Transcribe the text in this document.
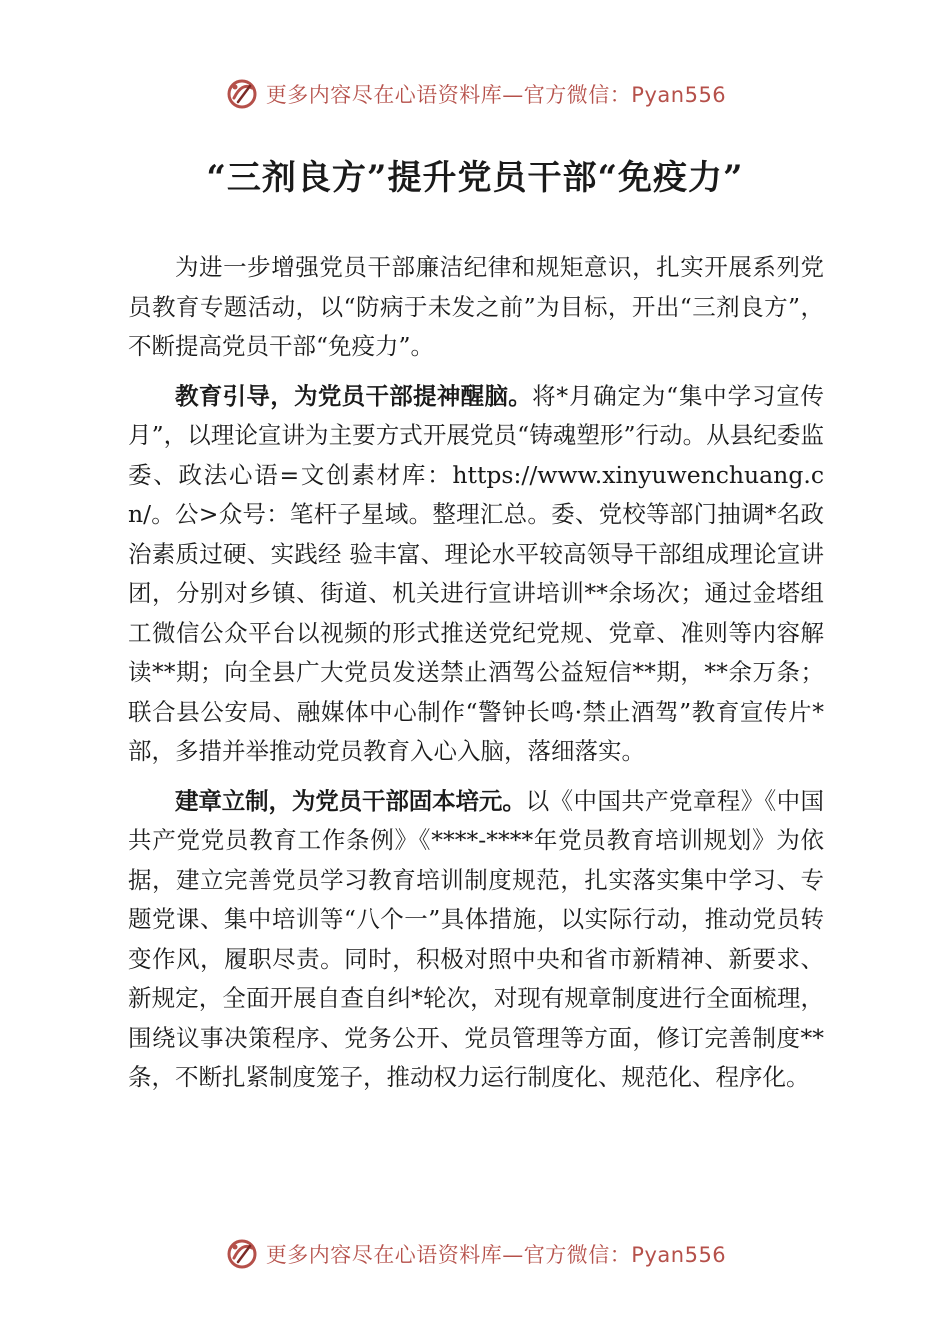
更多内容尽在心语资料库—官方微信：Pyan556
“三剂良方”提升党员干部“免疫力”

为进一步增强党员干部廉洁纪律和规矩意识，扎实开展系列党员教育专题活动，以“防病于未发之前”为目标，开出“三剂良方”，不断提高党员干部“免疫力”。

教育引导，为党员干部提神醒脑。将*月确定为“集中学习宣传月”，以理论宣讲为主要方式开展党员“铸魂塑形”行动。从县纪委监委、政法心语=文创素材库：https://www.xinyuwenchuang.cn/。公>众号：笔杆子星域。整理汇总。委、党校等部门抽调*名政治素质过硬、实践经 验丰富、理论水平较高领导干部组成理论宣讲团，分别对乡镇、街道、机关进行宣讲培训**余场次；通过金塔组工微信公众平台以视频的形式推送党纪党规、党章、准则等内容解读**期；向全县广大党员发送禁止酒驾公益短信**期，**余万条；联合县公安局、融媒体中心制作“警钟长鸣·禁止酒驾”教育宣传片*部，多措并举推动党员教育入心入脑，落细落实。

建章立制，为党员干部固本培元。以《中国共产党章程》《中国共产党党员教育工作条例》《****-****年党员教育培训规划》为依据，建立完善党员学习教育培训制度规范，扎实落实集中学习、专题党课、集中培训等“八个一”具体措施，以实际行动，推动党员转变作风，履职尽责。同时，积极对照中央和省市新精神、新要求、新规定，全面开展自查自纠*轮次，对现有规章制度进行全面梳理，围绕议事决策程序、党务公开、党员管理等方面，修订完善制度**条，不断扎紧制度笼子，推动权力运行制度化、规范化、程序化。

更多内容尽在心语资料库—官方微信：Pyan556
